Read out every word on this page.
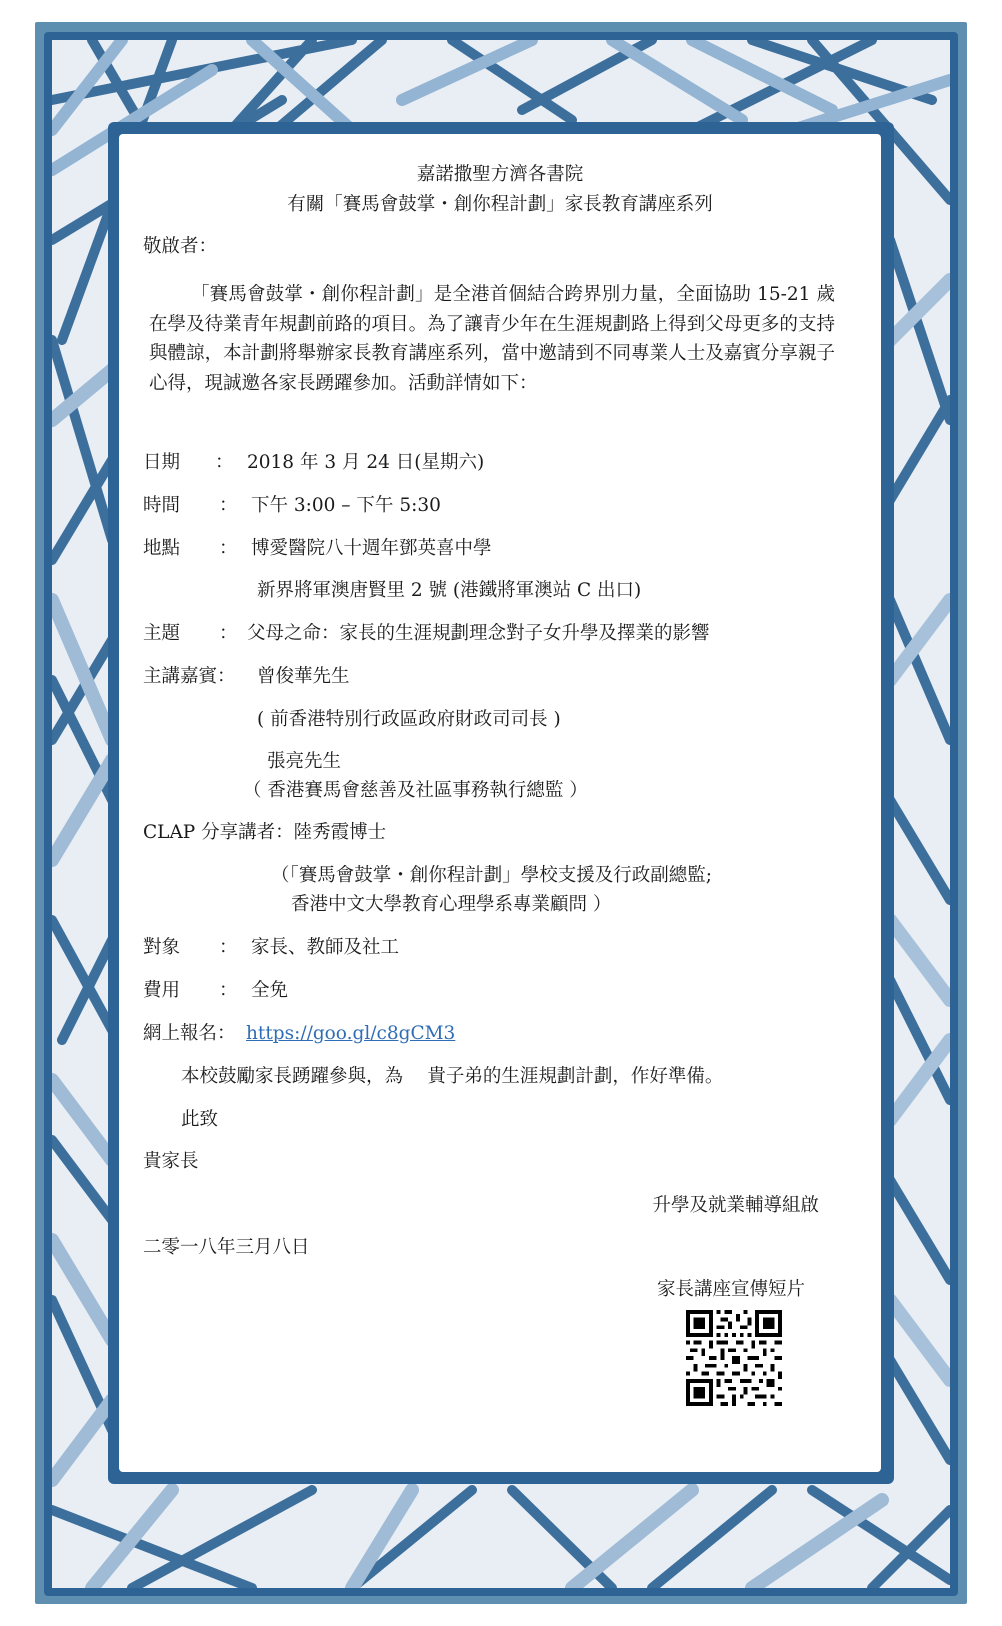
嘉諾撒聖方濟各書院
有關「賽馬會鼓掌・創你程計劃」家長教育講座系列
敬啟者：
「賽馬會鼓掌・創你程計劃」是全港首個結合跨界別力量，全面協助 15-21 歲在學及待業青年規劃前路的項目。為了讓青少年在生涯規劃路上得到父母更多的支持與體諒，本計劃將舉辦家長教育講座系列，當中邀請到不同專業人士及嘉賓分享親子心得，現誠邀各家長踴躍參加。活動詳情如下：
日期 ： 2018 年 3 月 24 日(星期六)
時間 ： 下午 3:00 – 下午 5:30
地點 ： 博愛醫院八十週年鄧英喜中學
新界將軍澳唐賢里 2 號 (港鐵將軍澳站 C 出口)
主題 ： 父母之命：家長的生涯規劃理念對子女升學及擇業的影響
主講嘉賓： 曾俊華先生
( 前香港特別行政區政府財政司司長 )
張亮先生
（ 香港賽馬會慈善及社區事務執行總監 ）
CLAP 分享講者：陸秀霞博士
（「賽馬會鼓掌・創你程計劃」學校支援及行政副總監;
香港中文大學教育心理學系專業顧問 ）
對象 ： 家長、教師及社工
費用 ： 全免
網上報名： https://goo.gl/c8gCM3
本校鼓勵家長踴躍參與，為　 貴子弟的生涯規劃計劃，作好準備。
此致
貴家長
升學及就業輔導組啟
二零一八年三月八日
家長講座宣傳短片
